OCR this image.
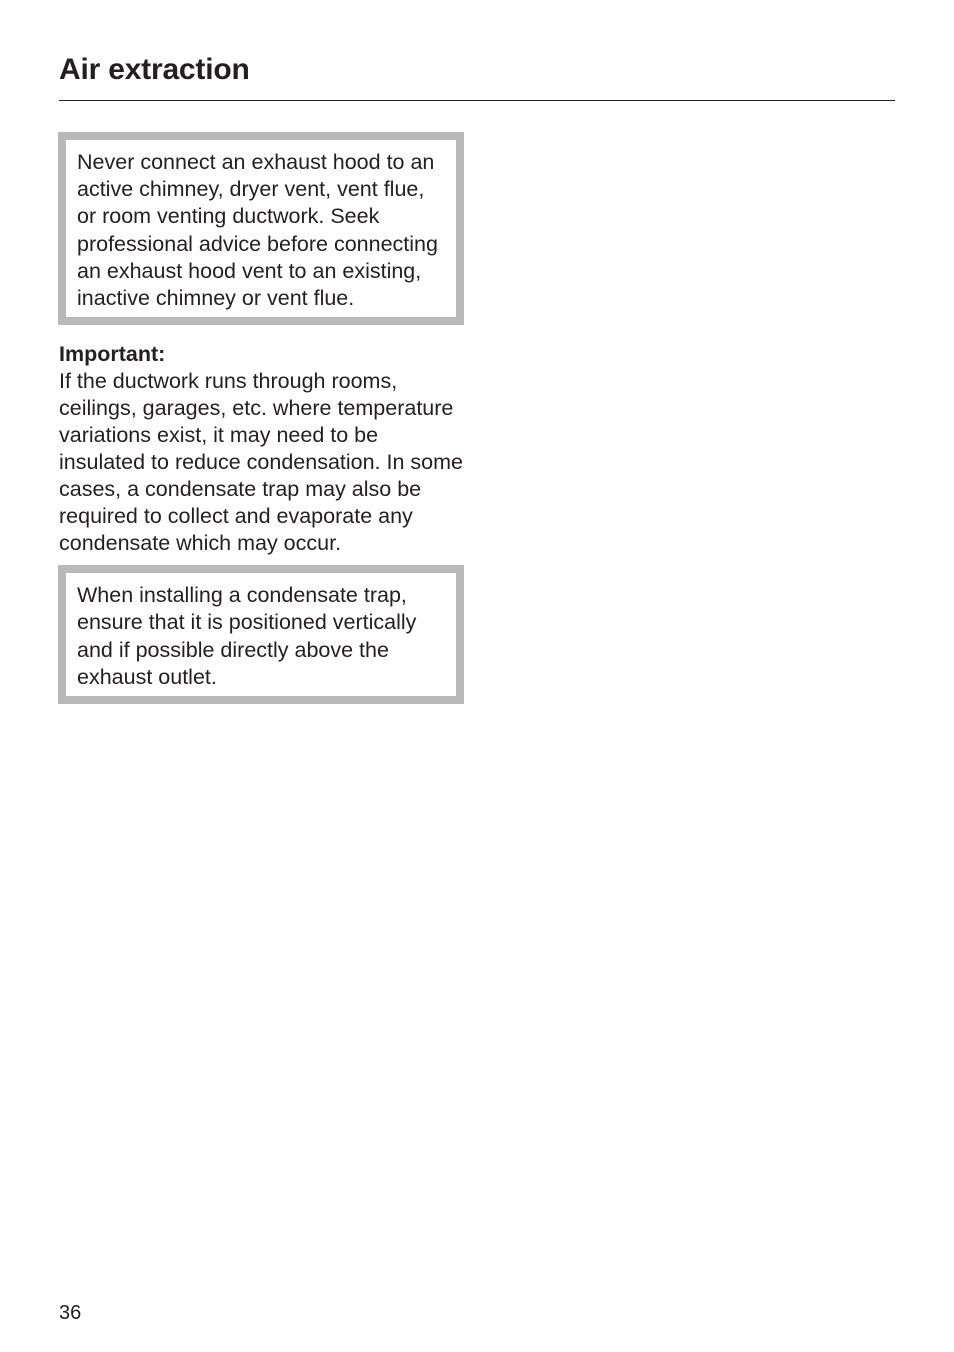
Air extraction

Never connect an exhaust hood to an active chimney, dryer vent, vent flue, or room venting ductwork. Seek professional advice before connecting an exhaust hood vent to an existing, inactive chimney or vent flue.

Important:
If the ductwork runs through rooms, ceilings, garages, etc. where temperature variations exist, it may need to be insulated to reduce condensation. In some cases, a condensate trap may also be required to collect and evaporate any condensate which may occur.

When installing a condensate trap, ensure that it is positioned vertically and if possible directly above the exhaust outlet.

36
